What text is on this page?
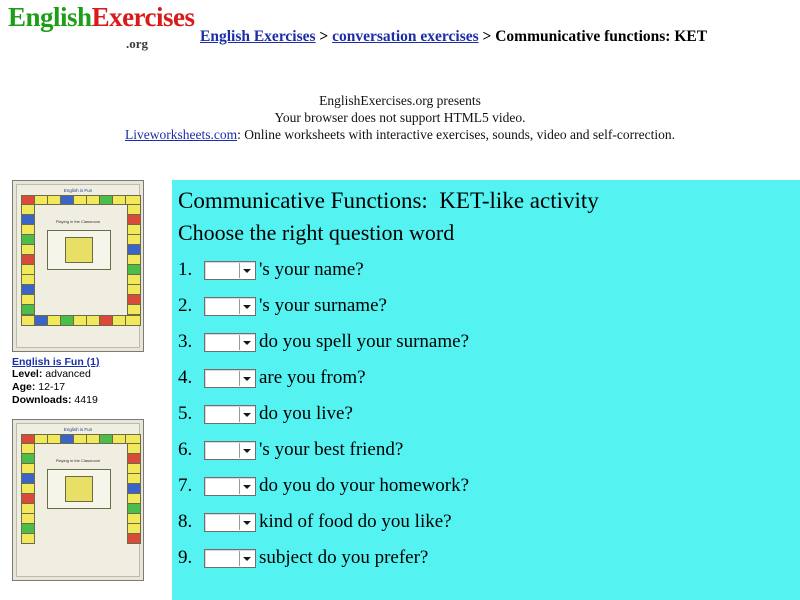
EnglishExercises
.org	English Exercises > conversation exercises > Communicative functions: KET
EnglishExercises.org presents
Your browser does not support HTML5 video.
Liveworksheets.com: Online worksheets with interactive exercises, sounds, video and self-correction.
English is Fun
Playing in the Classroom
English is Fun (1)
Level: advanced
Age: 12-17
Downloads: 4419
English is Fun
Playing in the Classroom
Communicative Functions:  KET-like activity
Choose the right question word
1.	's your name?
2.	's your surname?
3.	do you spell your surname?
4.	are you from?
5.	do you live?
6.	's your best friend?
7.	do you do your homework?
8.	kind of food do you like?
9.	subject do you prefer?
